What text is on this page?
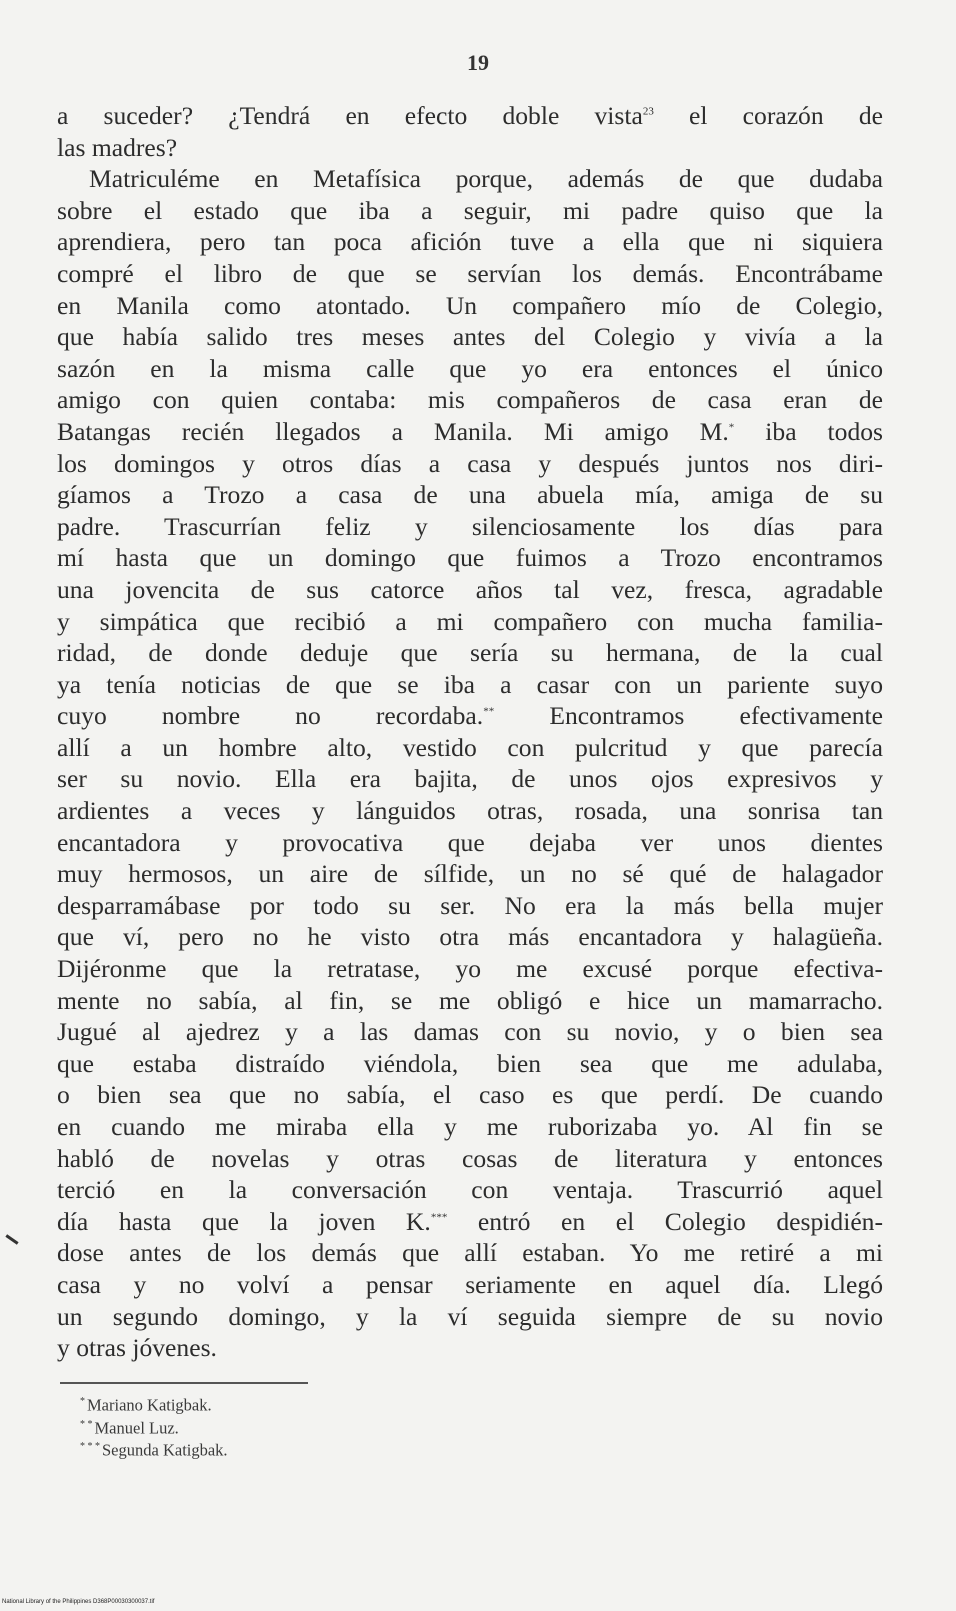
19
a suceder? ¿Tendrá en efecto doble vista$^{23}$ el corazón de
las madres?
Matriculéme en Metafísica porque, además de que dudaba
sobre el estado que iba a seguir, mi padre quiso que la
aprendiera, pero tan poca afición tuve a ella que ni siquiera
compré el libro de que se servían los demás. Encontrábame
en Manila como atontado. Un compañero mío de Colegio,
que había salido tres meses antes del Colegio y vivía a la
sazón en la misma calle que yo era entonces el único
amigo con quien contaba: mis compañeros de casa eran de
Batangas recién llegados a Manila. Mi amigo M.* iba todos
los domingos y otros días a casa y después juntos nos diri-
gíamos a Trozo a casa de una abuela mía, amiga de su
padre. Trascurrían feliz y silenciosamente los días para
mí hasta que un domingo que fuimos a Trozo encontramos
una jovencita de sus catorce años tal vez, fresca, agradable
y simpática que recibió a mi compañero con mucha familia-
ridad, de donde deduje que sería su hermana, de la cual
ya tenía noticias de que se iba a casar con un pariente suyo
cuyo nombre no recordaba.** Encontramos efectivamente
allí a un hombre alto, vestido con pulcritud y que parecía
ser su novio. Ella era bajita, de unos ojos expresivos y
ardientes a veces y lánguidos otras, rosada, una sonrisa tan
encantadora y provocativa que dejaba ver unos dientes
muy hermosos, un aire de sílfide, un no sé qué de halagador
desparramábase por todo su ser. No era la más bella mujer
que ví, pero no he visto otra más encantadora y halagüeña.
Dijéronme que la retratase, yo me excusé porque efectiva-
mente no sabía, al fin, se me obligó e hice un mamarracho.
Jugué al ajedrez y a las damas con su novio, y o bien sea
que estaba distraído viéndola, bien sea que me adulaba,
o bien sea que no sabía, el caso es que perdí. De cuando
en cuando me miraba ella y me ruborizaba yo. Al fin se
habló de novelas y otras cosas de literatura y entonces
terció en la conversación con ventaja. Trascurrió aquel
día hasta que la joven K.*** entró en el Colegio despidién-
dose antes de los demás que allí estaban. Yo me retiré a mi
casa y no volví a pensar seriamente en aquel día. Llegó
un segundo domingo, y la ví seguida siempre de su novio
y otras jóvenes.
* Mariano Katigbak.
* * Manuel Luz.
* * * Segunda Katigbak.
National Library of the Philippines D368P00030300037.tif
